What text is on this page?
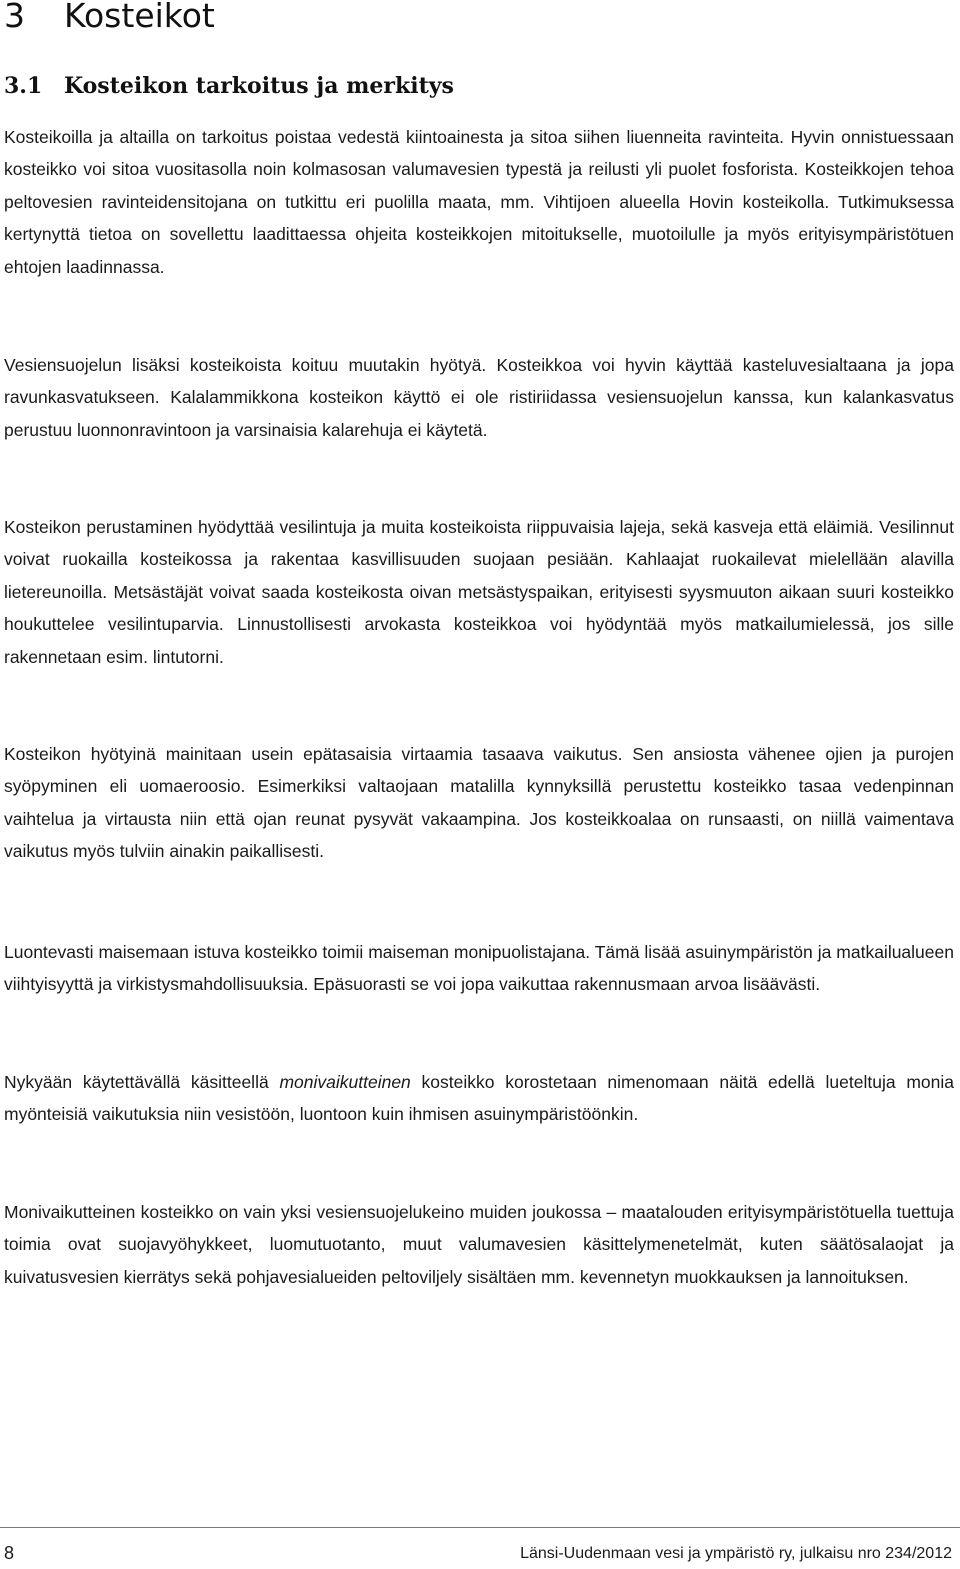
3 Kosteikot
3.1 Kosteikon tarkoitus ja merkitys

Kosteikoilla ja altailla on tarkoitus poistaa vedestä kiintoainesta ja sitoa siihen liuenneita ravinteita. Hyvin onnistuessaan kosteikko voi sitoa vuositasolla noin kolmasosan valumavesien typestä ja reilusti yli puolet fosforista. Kosteikkojen tehoa peltovesien ravinteidensitojana on tutkittu eri puolilla maata, mm. Vihtijoen alueella Hovin kosteikolla. Tutkimuksessa kertynyttä tietoa on sovellettu laadittaessa ohjeita kosteikkojen mitoitukselle, muotoilulle ja myös erityisympäristötuen ehtojen laadinnassa.

Vesiensuojelun lisäksi kosteikoista koituu muutakin hyötyä. Kosteikkoa voi hyvin käyttää kasteluvesialtaana ja jopa ravunkasvatukseen. Kalalammikkona kosteikon käyttö ei ole ristiriidassa vesiensuojelun kanssa, kun kalankasvatus perustuu luonnonravintoon ja varsinaisia kalarehuja ei käytetä.

Kosteikon perustaminen hyödyttää vesilintuja ja muita kosteikoista riippuvaisia lajeja, sekä kasveja että eläimiä. Vesilinnut voivat ruokailla kosteikossa ja rakentaa kasvillisuuden suojaan pesiään. Kahlaajat ruokailevat mielellään alavilla lietereunoilla. Metsästäjät voivat saada kosteikosta oivan metsästyspaikan, erityisesti syysmuuton aikaan suuri kosteikko houkuttelee vesilintuparvia. Linnustollisesti arvokasta kosteikkoa voi hyödyntää myös matkailumielessä, jos sille rakennetaan esim. lintutorni.

Kosteikon hyötyinä mainitaan usein epätasaisia virtaamia tasaava vaikutus. Sen ansiosta vähenee ojien ja purojen syöpyminen eli uomaeroosio. Esimerkiksi valtaojaan matalilla kynnyksillä perustettu kosteikko tasaa vedenpinnan vaihtelua ja virtausta niin että ojan reunat pysyvät vakaampina. Jos kosteikkoalaa on runsaasti, on niillä vaimentava vaikutus myös tulviin ainakin paikallisesti.

Luontevasti maisemaan istuva kosteikko toimii maiseman monipuolistajana. Tämä lisää asuinympäristön ja matkailualueen viihtyisyyttä ja virkistysmahdollisuuksia. Epäsuorasti se voi jopa vaikuttaa rakennusmaan arvoa lisäävästi.

Nykyään käytettävällä käsitteellä monivaikutteinen kosteikko korostetaan nimenomaan näitä edellä lueteltuja monia myönteisiä vaikutuksia niin vesistöön, luontoon kuin ihmisen asuinympäristöönkin.

Monivaikutteinen kosteikko on vain yksi vesiensuojelukeino muiden joukossa – maatalouden erityisympäristötuella tuettuja toimia ovat suojavyöhykkeet, luomutuotanto, muut valumavesien käsittelymenetelmät, kuten säätösalaojat ja kuivatusvesien kierrätys sekä pohjavesialueiden peltoviljely sisältäen mm. kevennetyn muokkauksen ja lannoituksen.

8	Länsi-Uudenmaan vesi ja ympäristö ry, julkaisu nro 234/2012
